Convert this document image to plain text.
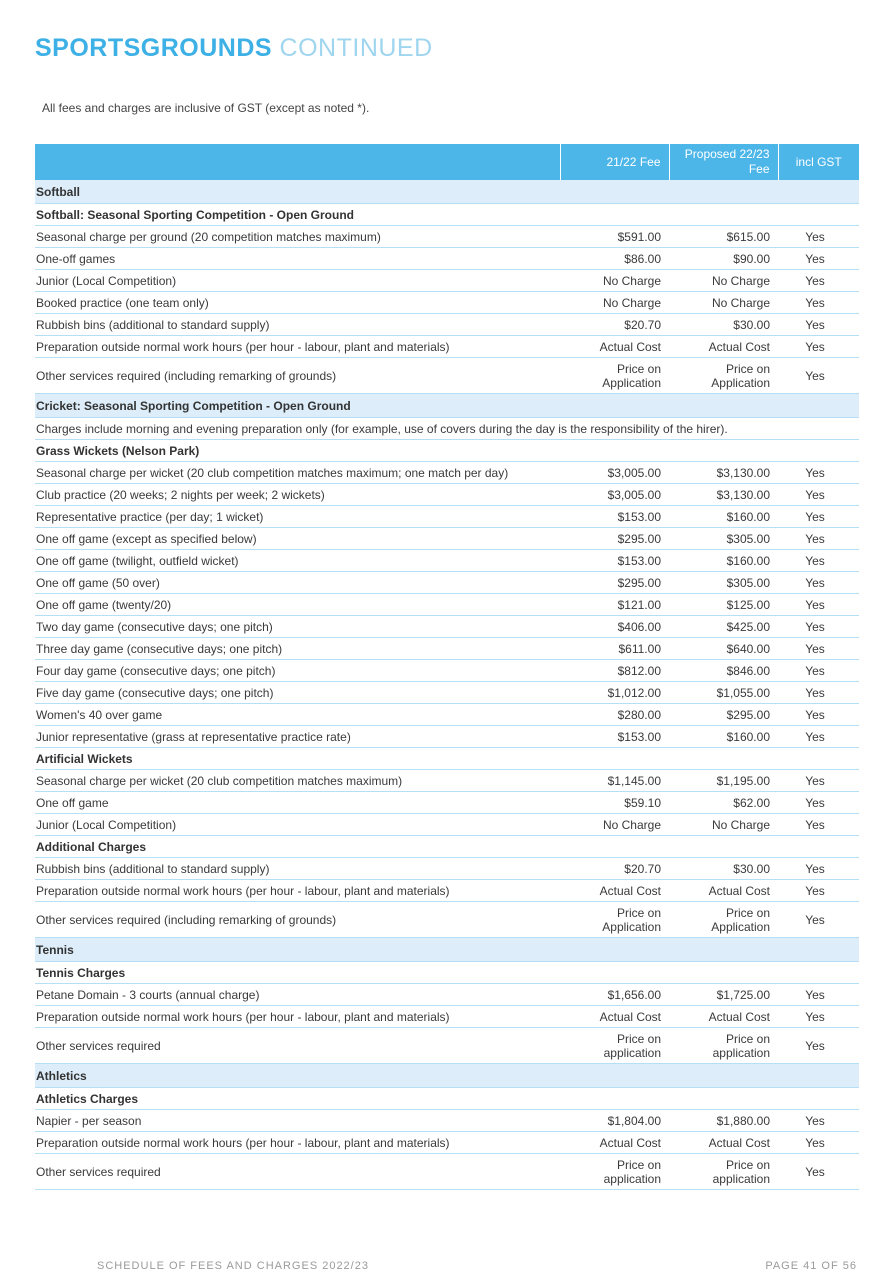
SPORTSGROUNDS CONTINUED
All fees and charges are inclusive of GST (except as noted *).
	21/22 Fee	Proposed 22/23 Fee	incl GST
Softball			
Softball: Seasonal Sporting Competition - Open Ground			
Seasonal charge per ground (20 competition matches maximum)	$591.00	$615.00	Yes
One-off games	$86.00	$90.00	Yes
Junior (Local Competition)	No Charge	No Charge	Yes
Booked practice (one team only)	No Charge	No Charge	Yes
Rubbish bins (additional to standard supply)	$20.70	$30.00	Yes
Preparation outside normal work hours (per hour - labour, plant and materials)	Actual Cost	Actual Cost	Yes
Other services required (including remarking of grounds)	Price on Application	Price on Application	Yes
Cricket: Seasonal Sporting Competition - Open Ground			
Charges include morning and evening preparation only (for example, use of covers during the day is the responsibility of the hirer).			
Grass Wickets (Nelson Park)			
Seasonal charge per wicket (20 club competition matches maximum; one match per day)	$3,005.00	$3,130.00	Yes
Club practice (20 weeks; 2 nights per week; 2 wickets)	$3,005.00	$3,130.00	Yes
Representative practice (per day; 1 wicket)	$153.00	$160.00	Yes
One off game (except as specified below)	$295.00	$305.00	Yes
One off game (twilight, outfield wicket)	$153.00	$160.00	Yes
One off game (50 over)	$295.00	$305.00	Yes
One off game (twenty/20)	$121.00	$125.00	Yes
Two day game (consecutive days; one pitch)	$406.00	$425.00	Yes
Three day game (consecutive days; one pitch)	$611.00	$640.00	Yes
Four day game (consecutive days; one pitch)	$812.00	$846.00	Yes
Five day game (consecutive days; one pitch)	$1,012.00	$1,055.00	Yes
Women's 40 over game	$280.00	$295.00	Yes
Junior representative (grass at representative practice rate)	$153.00	$160.00	Yes
Artificial Wickets			
Seasonal charge per wicket (20 club competition matches maximum)	$1,145.00	$1,195.00	Yes
One off game	$59.10	$62.00	Yes
Junior (Local Competition)	No Charge	No Charge	Yes
Additional Charges			
Rubbish bins (additional to standard supply)	$20.70	$30.00	Yes
Preparation outside normal work hours (per hour - labour, plant and materials)	Actual Cost	Actual Cost	Yes
Other services required (including remarking of grounds)	Price on Application	Price on Application	Yes
Tennis			
Tennis Charges			
Petane Domain - 3 courts (annual charge)	$1,656.00	$1,725.00	Yes
Preparation outside normal work hours (per hour - labour, plant and materials)	Actual Cost	Actual Cost	Yes
Other services required	Price on application	Price on application	Yes
Athletics			
Athletics Charges			
Napier - per season	$1,804.00	$1,880.00	Yes
Preparation outside normal work hours (per hour - labour, plant and materials)	Actual Cost	Actual Cost	Yes
Other services required	Price on application	Price on application	Yes
SCHEDULE OF FEES AND CHARGES 2022/23	PAGE 41 OF 56
